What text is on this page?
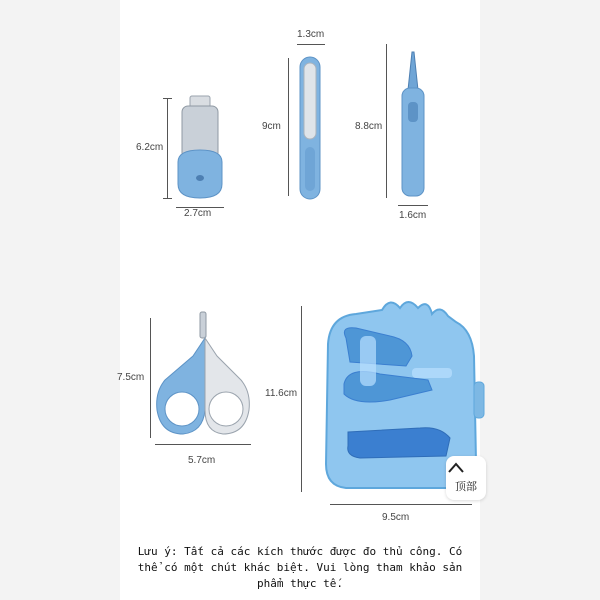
6.2cm
2.7cm
1.3cm
9cm	8.8cm
1.6cm
7.5cm
5.7cm
11.6cm
9.5cm
顶部
Lưu ý: Tất cả các kích thước được đo thủ công. Có
thể có một chút khác biệt. Vui lòng tham khảo sản
phẩm thực tế.
